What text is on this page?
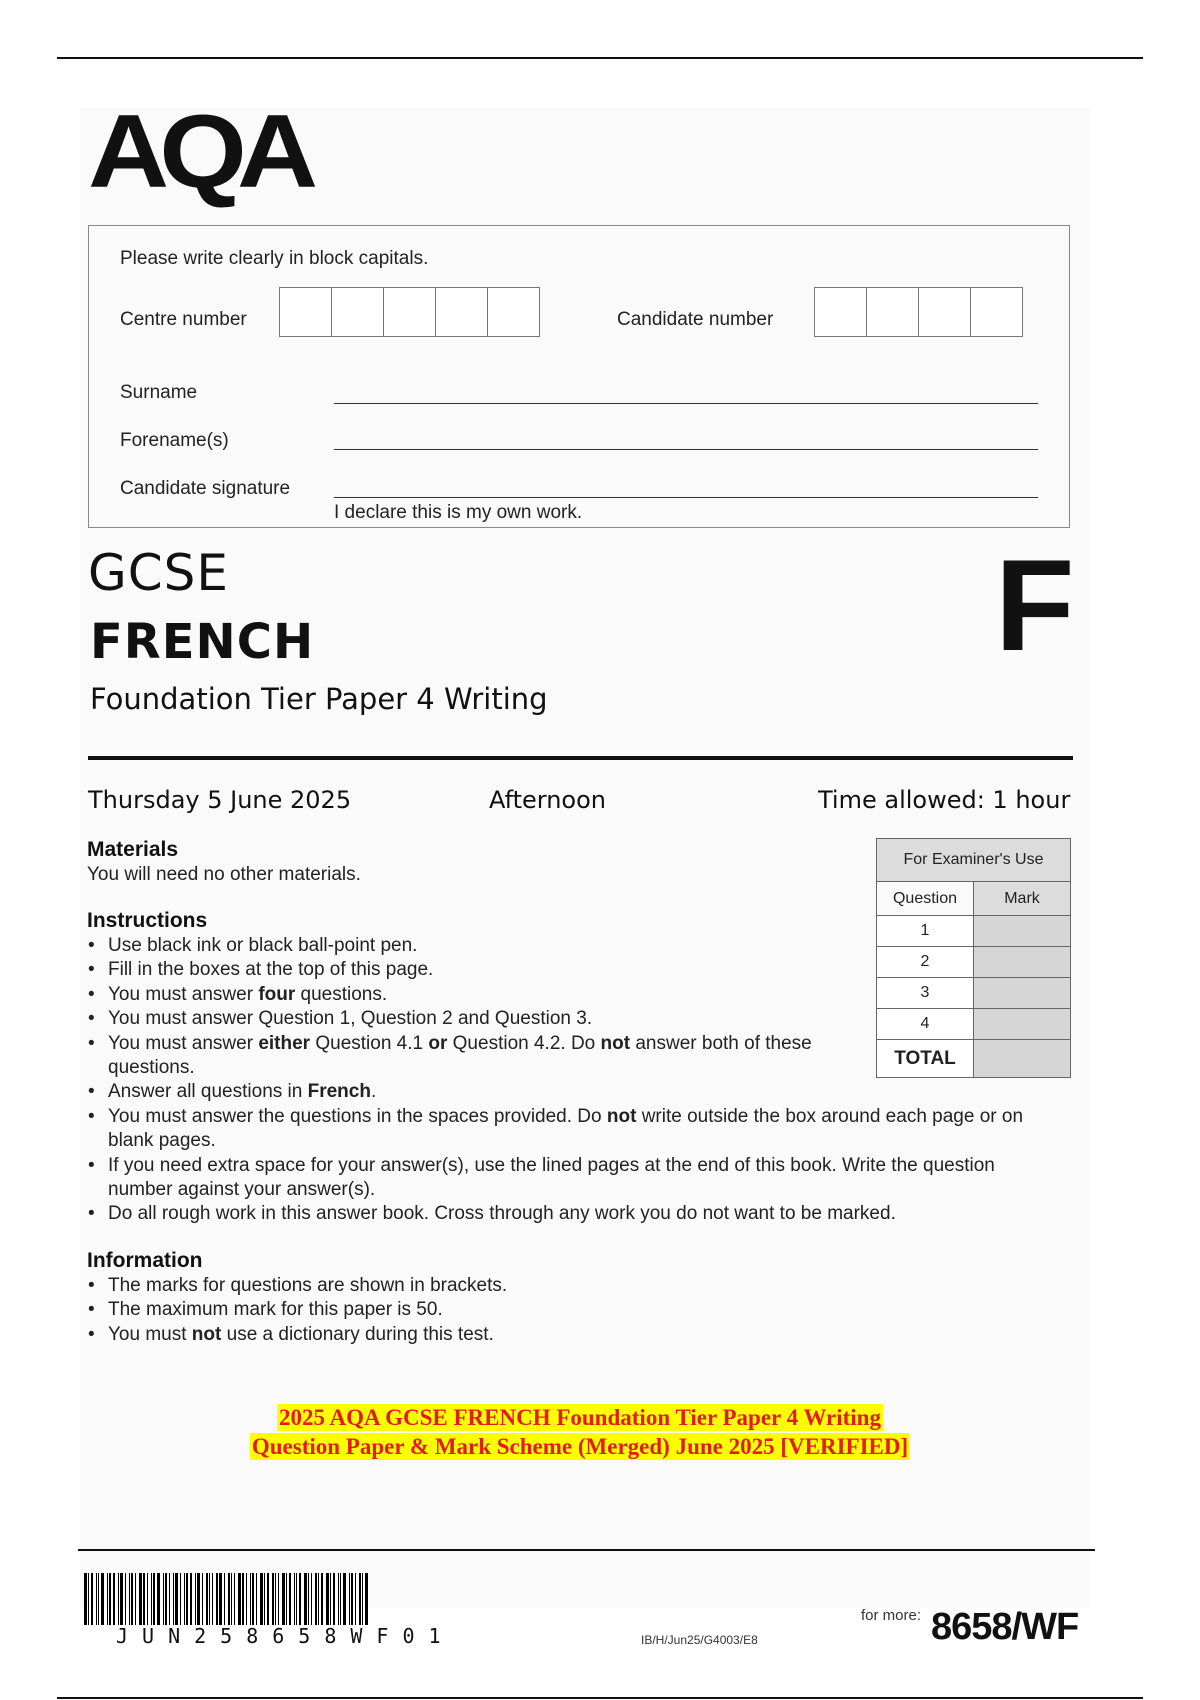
AQA
Please write clearly in block capitals.
Centre number	Candidate number
Surname
Forename(s)
Candidate signature
I declare this is my own work.
GCSE
FRENCH
Foundation Tier Paper 4 Writing
F
Thursday 5 June 2025	Afternoon	Time allowed: 1 hour
Materials
You will need no other materials.
Instructions
• Use black ink or black ball-point pen.
• Fill in the boxes at the top of this page.
• You must answer four questions.
• You must answer Question 1, Question 2 and Question 3.
• You must answer either Question 4.1 or Question 4.2. Do not answer both of these questions.
• Answer all questions in French.
• You must answer the questions in the spaces provided. Do not write outside the box around each page or on blank pages.
• If you need extra space for your answer(s), use the lined pages at the end of this book. Write the question number against your answer(s).
• Do all rough work in this answer book. Cross through any work you do not want to be marked.
Information
• The marks for questions are shown in brackets.
• The maximum mark for this paper is 50.
• You must not use a dictionary during this test.
For Examiner's Use	
Question	Mark
1	
2	
3	
4	
TOTAL	
2025 AQA GCSE FRENCH Foundation Tier Paper 4 Writing
Question Paper & Mark Scheme (Merged) June 2025 [VERIFIED]
JUN258658WF01	IB/H/Jun25/G4003/E8
for more: 8658/WF
